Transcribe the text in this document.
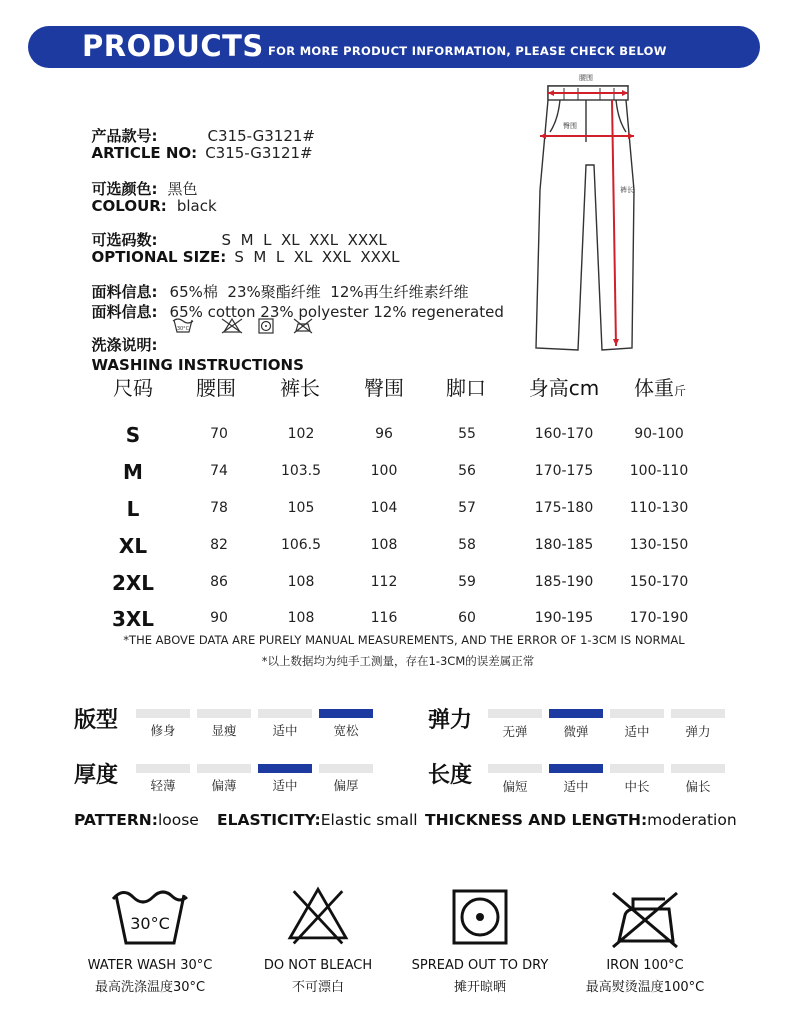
PRODUCTS FOR MORE PRODUCT INFORMATION, PLEASE CHECK BELOW

产品款号:	C315-G3121#

ARTICLE NO: C315-G3121#

可选颜色: 黑色

COLOUR: black

可选码数:	S  M  L  XL  XXL  XXXL

OPTIONAL SIZE: S  M  L  XL  XXL  XXXL

面料信息: 65%棉  23%聚酯纤维  12%再生纤维素纤维

面料信息: 65% cotton 23% polyester 12% regenerated

洗涤说明:

30°C

WASHING INSTRUCTIONS

腰围
臀围
裤长
尺码 腰围 裤长 臀围 脚口 身高cm 体重斤
S	70	102	96	55	160-170	90-100
M	74	103.5	100	56	170-175	100-110
L	78	105	104	57	175-180	110-130
XL	82	106.5	108	58	180-185	130-150
2XL	86	108	112	59	185-190	150-170
3XL	90	108	116	60	190-195	170-190
*THE ABOVE DATA ARE PURELY MANUAL MEASUREMENTS, AND THE ERROR OF 1-3CM IS NORMAL
*以上数据均为纯手工测量，存在1-3CM的误差属正常
版型	修身	显瘦	适中	宽松	弹力 无弹	微弹	适中	弹力
厚度	轻薄	偏薄	适中	偏厚	长度 偏短	适中	中长	偏长
PATTERN:loose ELASTICITY:Elastic small THICKNESS AND LENGTH:moderation
30°C
WATER WASH 30°C
最高洗涤温度30°C
DO NOT BLEACH
不可漂白
SPREAD OUT TO DRY
摊开晾晒
IRON 100°C
最高熨烫温度100°C
